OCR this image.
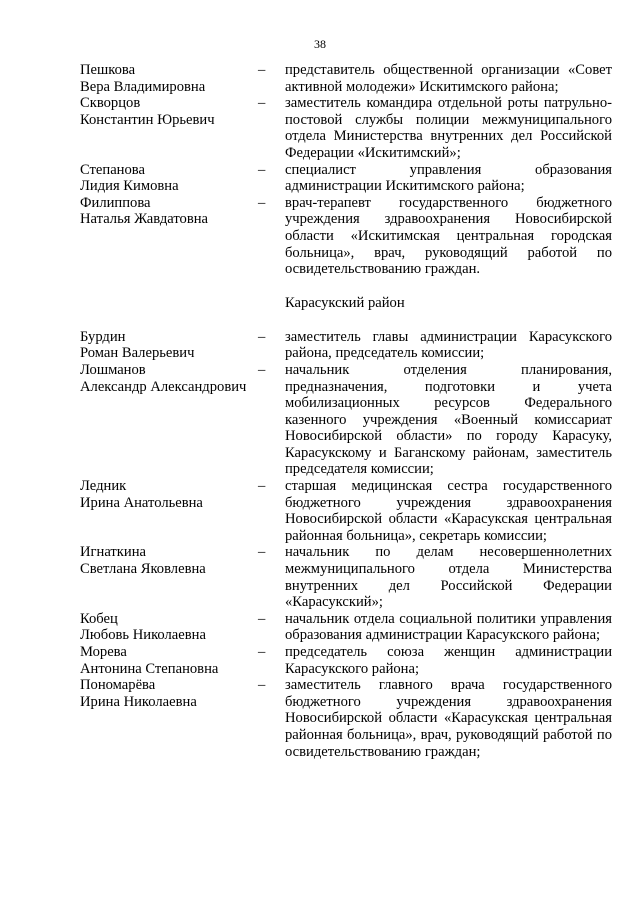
38
Пешкова
Вера Владимировна
–	представитель общественной организации «Совет активной молодежи» Искитимского района;
Скворцов
Константин Юрьевич
–	заместитель командира отдельной роты патрульно-постовой службы полиции межмуниципального отдела Министерства внутренних дел Российской Федерации «Искитимский»;
Степанова
Лидия Кимовна
–	специалист управления образования администрации Искитимского района;
Филиппова
Наталья Жавдатовна
–	врач-терапевт государственного бюджетного учреждения здравоохранения Новосибирской области «Искитимская центральная городская больница», врач, руководящий работой по освидетельствованию граждан.
Карасукский район
Бурдин
Роман Валерьевич
–	заместитель главы администрации Карасукского района, председатель комиссии;
Лошманов
Александр Александрович
–	начальник отделения планирования, предназначения, подготовки и учета мобилизационных ресурсов Федерального казенного учреждения «Военный комиссариат Новосибирской области» по городу Карасуку, Карасукскому и Баганскому районам, заместитель председателя комиссии;
Ледник
Ирина Анатольевна
–	старшая медицинская сестра государственного бюджетного учреждения здравоохранения Новосибирской области «Карасукская центральная районная больница», секретарь комиссии;
Игнаткина
Светлана Яковлевна
–	начальник по делам несовершеннолетних межмуниципального отдела Министерства внутренних дел Российской Федерации «Карасукский»;
Кобец
Любовь Николаевна
–	начальник отдела социальной политики управления образования администрации Карасукского района;
Морева
Антонина Степановна
–	председатель союза женщин администрации Карасукского района;
Пономарёва
Ирина Николаевна
–	заместитель главного врача государственного бюджетного учреждения здравоохранения Новосибирской области «Карасукская центральная районная больница», врач, руководящий работой по освидетельствованию граждан;
